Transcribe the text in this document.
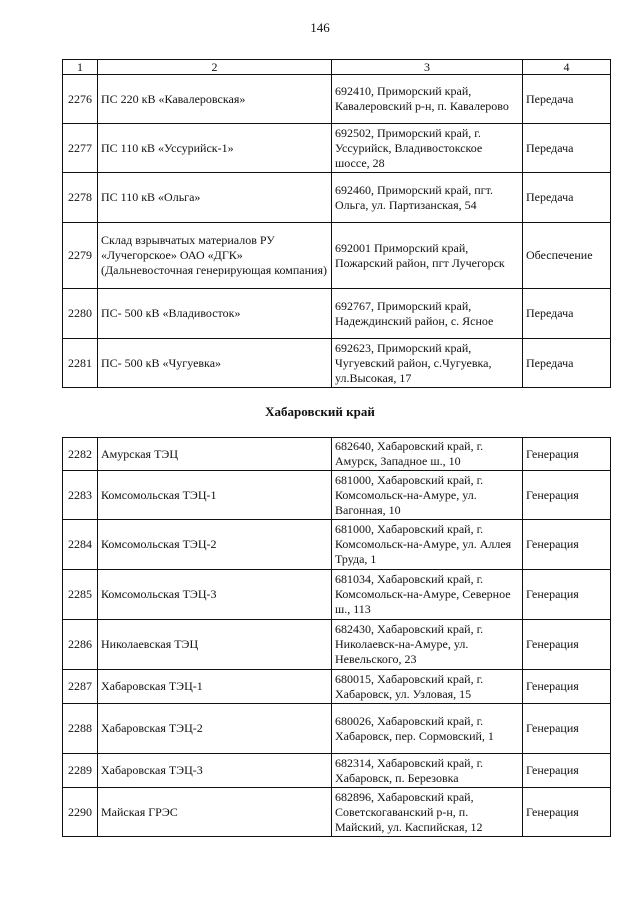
146
1	2	3	4
2276	ПС 220 кВ «Кавалеровская»	692410, Приморский край, Кавалеровский р-н, п. Кавалерово	Передача
2277	ПС 110 кВ «Уссурийск-1»	692502, Приморский край, г. Уссурийск, Владивостокское шоссе, 28	Передача
2278	ПС 110 кВ «Ольга»	692460, Приморский край, пгт. Ольга, ул. Партизанская, 54	Передача
2279	Склад взрывчатых материалов РУ «Лучегорское» ОАО «ДГК» (Дальневосточная генерирующая компания)	692001 Приморский край, Пожарский район, пгт Лучегорск	Обеспечение
2280	ПС- 500 кВ «Владивосток»	692767, Приморский край, Надеждинский район, с. Ясное	Передача
2281	ПС- 500 кВ «Чугуевка»	692623, Приморский край, Чугуевский район, с.Чугуевка, ул.Высокая, 17	Передача
Хабаровский край
2282	Амурская ТЭЦ	682640, Хабаровский край, г. Амурск, Западное ш., 10	Генерация
2283	Комсомольская ТЭЦ-1	681000, Хабаровский край, г. Комсомольск-на-Амуре, ул. Вагонная, 10	Генерация
2284	Комсомольская ТЭЦ-2	681000, Хабаровский край, г. Комсомольск-на-Амуре, ул. Аллея Труда, 1	Генерация
2285	Комсомольская ТЭЦ-3	681034, Хабаровский край, г. Комсомольск-на-Амуре, Северное ш., 113	Генерация
2286	Николаевская ТЭЦ	682430, Хабаровский край, г. Николаевск-на-Амуре, ул. Невельского, 23	Генерация
2287	Хабаровская ТЭЦ-1	680015, Хабаровский край, г. Хабаровск, ул. Узловая, 15	Генерация
2288	Хабаровская ТЭЦ-2	680026, Хабаровский край, г. Хабаровск, пер. Сормовский, 1	Генерация
2289	Хабаровская ТЭЦ-3	682314, Хабаровский край, г. Хабаровск, п. Березовка	Генерация
2290	Майская ГРЭС	682896, Хабаровский край, Советскогаванский р-н, п. Майский, ул. Каспийская, 12	Генерация
